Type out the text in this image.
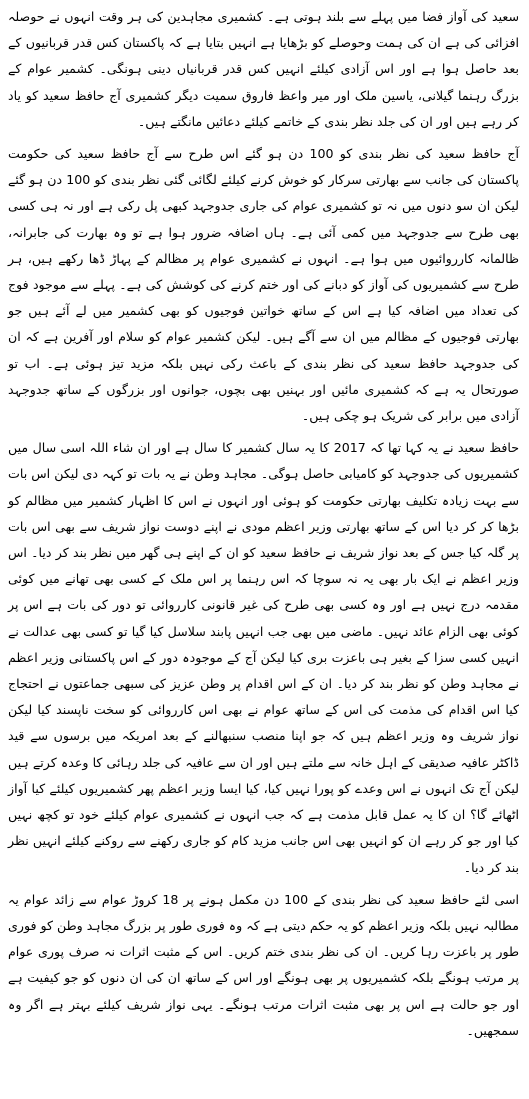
سعید کی آواز فضا میں پہلے سے بلند ہوتی ہے۔ کشمیری مجاہدین کی ہر وقت انہوں نے حوصلہ افزائی کی ہے ان کی ہمت وحوصلے کو بڑھایا ہے انہیں بتایا ہے کہ پاکستان کس قدر قربانیوں کے بعد حاصل ہوا ہے اور اس آزادی کیلئے انہیں کس قدر قربانیاں دینی ہونگی۔ کشمیر عوام کے بزرگ رہنما گیلانی، یاسین ملک اور میر واعظ فاروق سمیت دیگر کشمیری آج حافظ سعید کو یاد کر رہے ہیں اور ان کی جلد نظر بندی کے خاتمے کیلئے دعائیں مانگتے ہیں۔

آج حافظ سعید کی نظر بندی کو 100 دن ہو گئے اس طرح سے آج حافظ سعید کی حکومت پاکستان کی جانب سے بھارتی سرکار کو خوش کرنے کیلئے لگائی گئی نظر بندی کو 100 دن ہو گئے لیکن ان سو دنوں میں نہ تو کشمیری عوام کی جاری جدوجہد کبھی پل رکی ہے اور نہ ہی کسی بھی طرح سے جدوجہد میں کمی آئی ہے۔ ہاں اضافہ ضرور ہوا ہے تو وہ بھارت کی جابرانہ، ظالمانہ کارروائیوں میں ہوا ہے۔ انہوں نے کشمیری عوام پر مظالم کے پہاڑ ڈھا رکھے ہیں، ہر طرح سے کشمیریوں کی آواز کو دبانے کی اور ختم کرنے کی کوشش کی ہے۔ پہلے سے موجود فوج کی تعداد میں اضافہ کیا ہے اس کے ساتھ خواتین فوجیوں کو بھی کشمیر میں لے آئے ہیں جو بھارتی فوجیوں کے مظالم میں ان سے آگے ہیں۔ لیکن کشمیر عوام کو سلام اور آفرین ہے کہ ان کی جدوجہد حافظ سعید کی نظر بندی کے باعث رکی نہیں بلکہ مزید تیز ہوئی ہے۔ اب تو صورتحال یہ ہے کہ کشمیری مائیں اور بہنیں بھی بچوں، جوانوں اور بزرگوں کے ساتھ جدوجہد آزادی میں برابر کی شریک ہو چکی ہیں۔

حافظ سعید نے یہ کہا تھا کہ 2017 کا یہ سال کشمیر کا سال ہے اور ان شاء اللہ اسی سال میں کشمیریوں کی جدوجہد کو کامیابی حاصل ہوگی۔ مجاہد وطن نے یہ بات تو کہہ دی لیکن اس بات سے بہت زیادہ تکلیف بھارتی حکومت کو ہوئی اور انہوں نے اس کا اظہار کشمیر میں مظالم کو بڑھا کر کر دیا اس کے ساتھ بھارتی وزیر اعظم مودی نے اپنے دوست نواز شریف سے بھی اس بات پر گلہ کیا جس کے بعد نواز شریف نے حافظ سعید کو ان کے اپنے ہی گھر میں نظر بند کر دیا۔ اس وزیر اعظم نے ایک بار بھی یہ نہ سوچا کہ اس رہنما پر اس ملک کے کسی بھی تھانے میں کوئی مقدمہ درج نہیں ہے اور وہ کسی بھی طرح کی غیر قانونی کارروائی تو دور کی بات ہے اس پر کوئی بھی الزام عائد نہیں۔ ماضی میں بھی جب انہیں پابند سلاسل کیا گیا تو کسی بھی عدالت نے انہیں کسی سزا کے بغیر ہی باعزت بری کیا لیکن آج کے موجودہ دور کے اس پاکستانی وزیر اعظم نے مجاہد وطن کو نظر بند کر دیا۔ ان کے اس اقدام پر وطن عزیز کی سبھی جماعتوں نے احتجاج کیا اس اقدام کی مذمت کی اس کے ساتھ عوام نے بھی اس کارروائی کو سخت ناپسند کیا لیکن نواز شریف وہ وزیر اعظم ہیں کہ جو اپنا منصب سنبھالنے کے بعد امریکہ میں برسوں سے قید ڈاکٹر عافیہ صدیقی کے اہل خانہ سے ملتے ہیں اور ان سے عافیہ کی جلد رہائی کا وعدہ کرتے ہیں لیکن آج تک انہوں نے اس وعدے کو پورا نہیں کیا، کیا ایسا وزیر اعظم پھر کشمیریوں کیلئے کیا آواز اٹھائے گا؟ ان کا یہ عمل قابل مذمت ہے کہ جب انہوں نے کشمیری عوام کیلئے خود تو کچھ نہیں کیا اور جو کر رہے ان کو انہیں بھی اس جانب مزید کام کو جاری رکھنے سے روکنے کیلئے انہیں نظر بند کر دیا۔

اسی لئے حافظ سعید کی نظر بندی کے 100 دن مکمل ہونے پر 18 کروڑ عوام سے زائد عوام یہ مطالبہ نہیں بلکہ وزیر اعظم کو یہ حکم دیتی ہے کہ وہ فوری طور پر بزرگ مجاہد وطن کو فوری طور پر باعزت رہا کریں۔ ان کی نظر بندی ختم کریں۔ اس کے مثبت اثرات نہ صرف پوری عوام پر مرتب ہونگے بلکہ کشمیریوں پر بھی ہونگے اور اس کے ساتھ ان کی ان دنوں کو جو کیفیت ہے اور جو حالت ہے اس پر بھی مثبت اثرات مرتب ہونگے۔ یہی نواز شریف کیلئے بہتر ہے اگر وہ سمجھیں۔
